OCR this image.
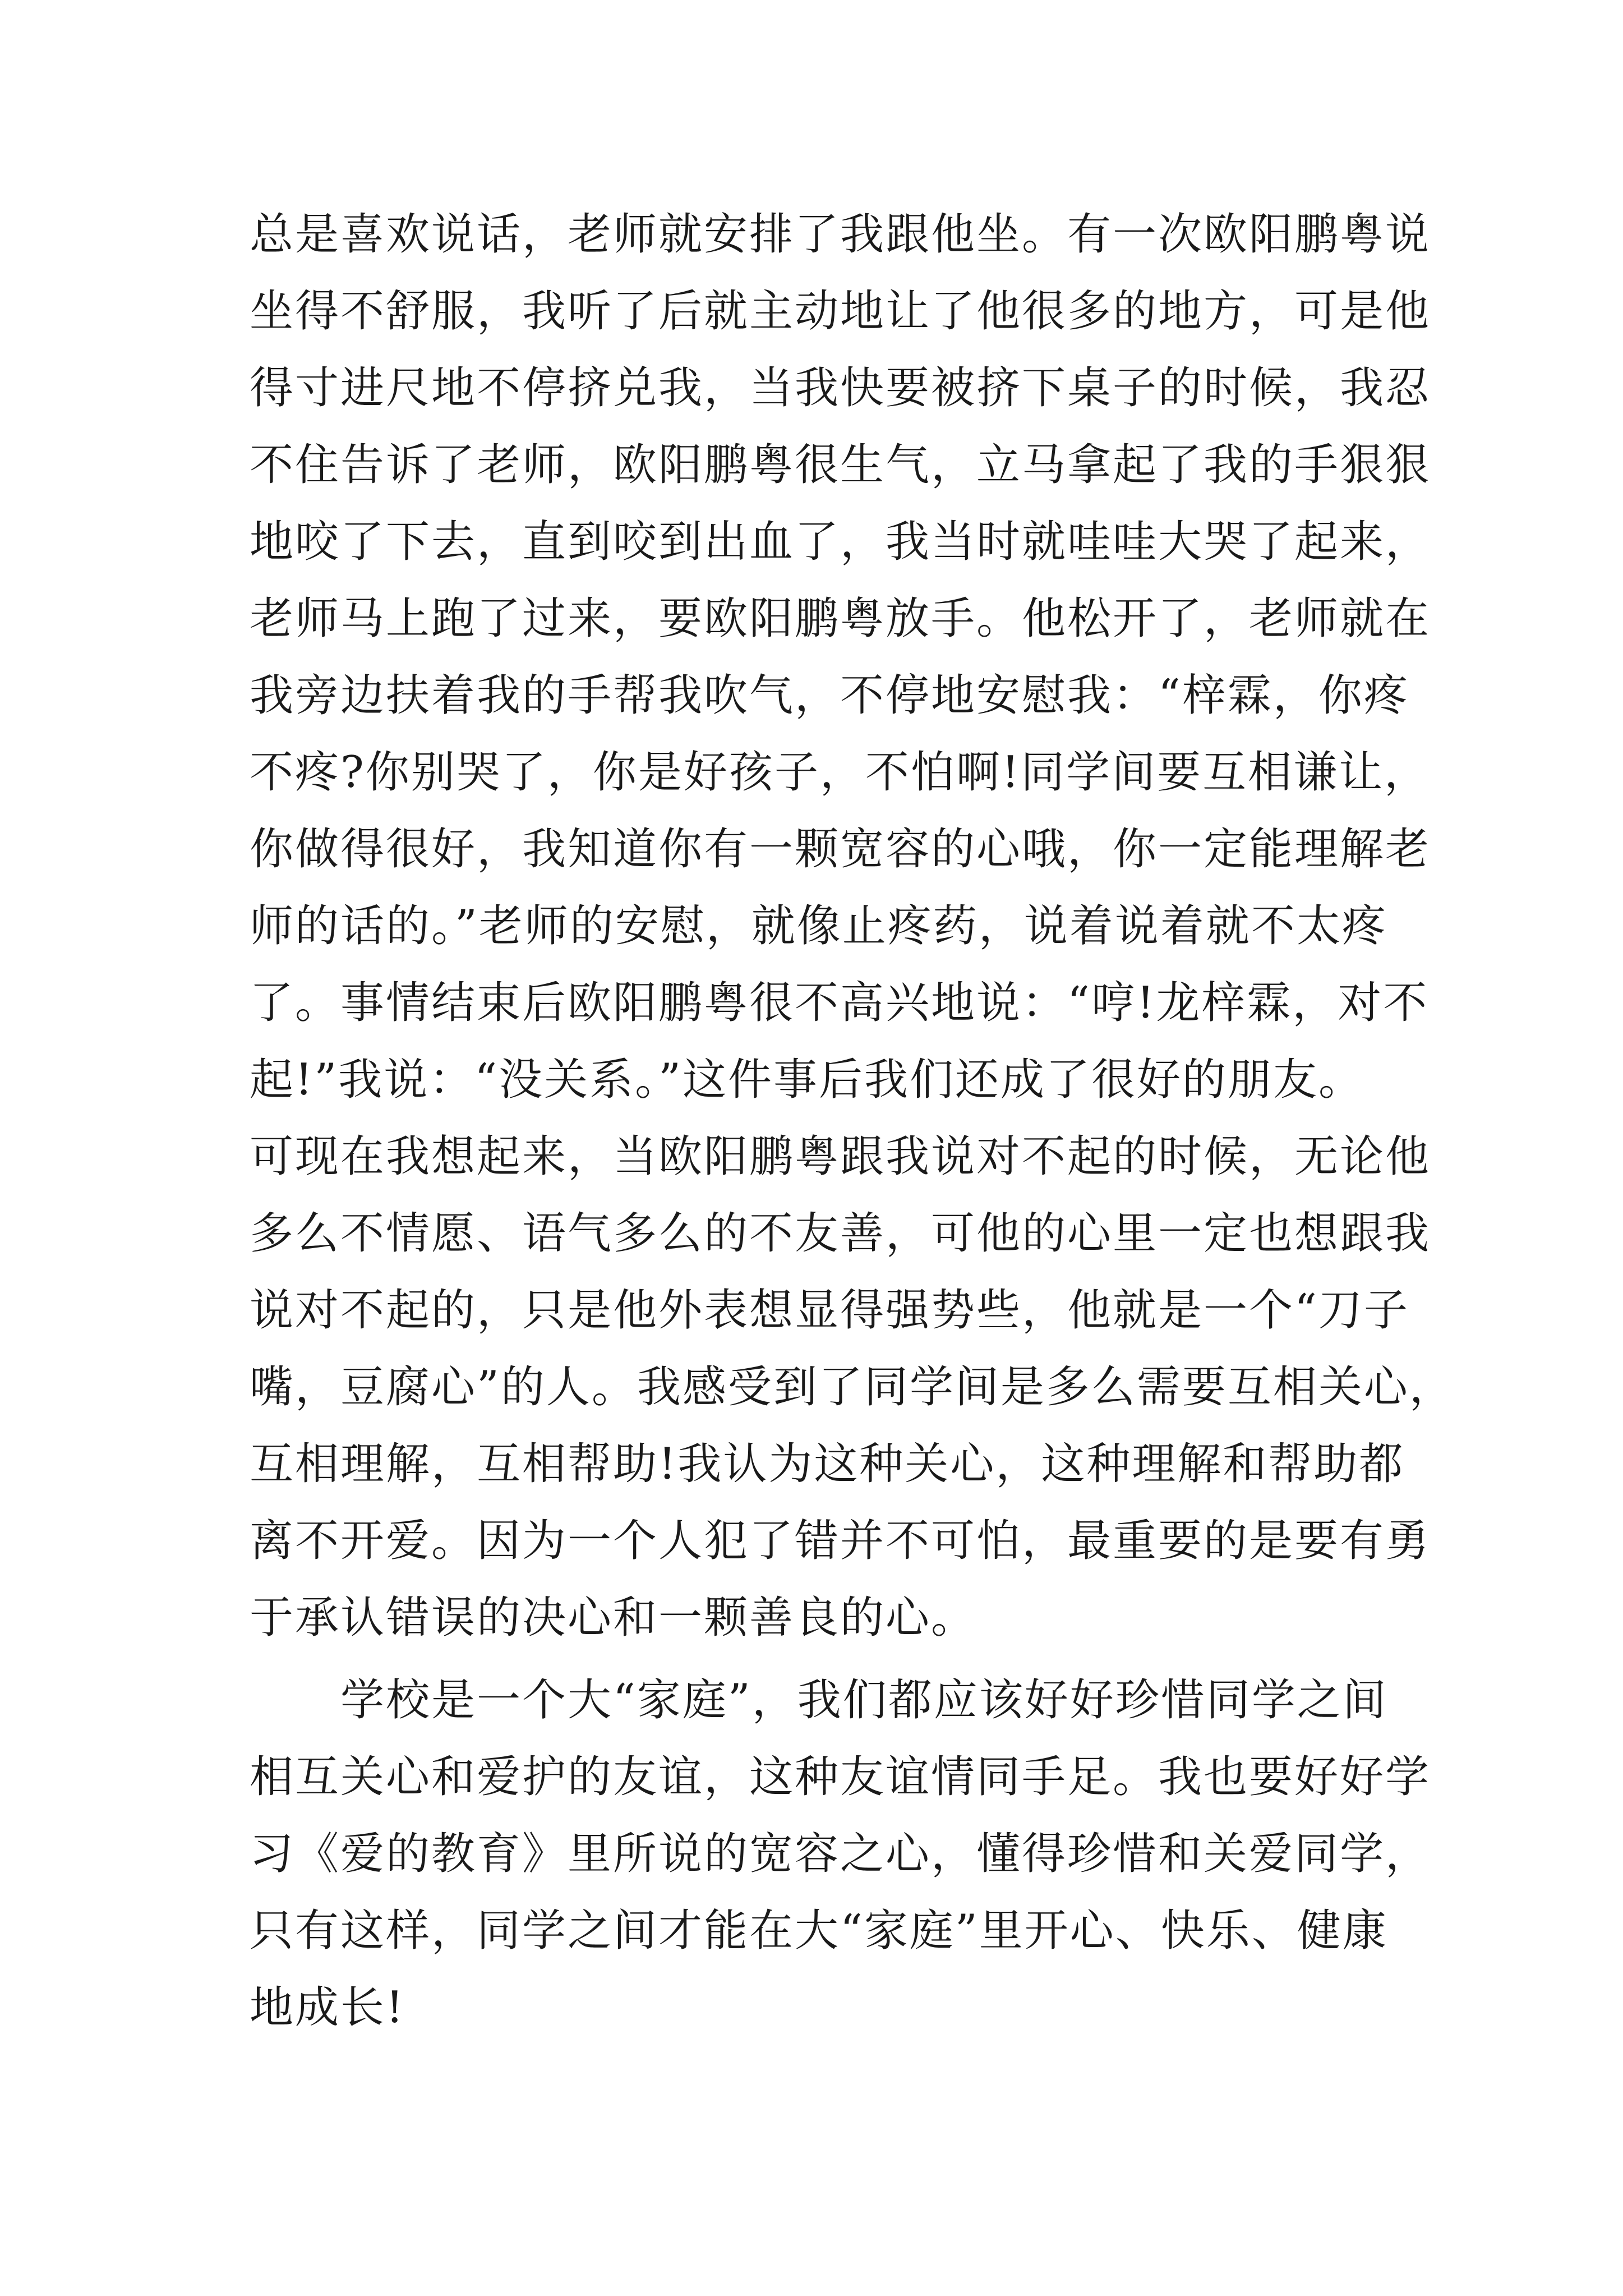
总是喜欢说话，老师就安排了我跟他坐。有一次欧阳鹏粤说
坐得不舒服，我听了后就主动地让了他很多的地方，可是他
得寸进尺地不停挤兑我，当我快要被挤下桌子的时候，我忍
不住告诉了老师，欧阳鹏粤很生气，立马拿起了我的手狠狠
地咬了下去，直到咬到出血了，我当时就哇哇大哭了起来，
老师马上跑了过来，要欧阳鹏粤放手。他松开了，老师就在
我旁边扶着我的手帮我吹气，不停地安慰我：“梓霖，你疼
不疼?你别哭了，你是好孩子，不怕啊!同学间要互相谦让，
你做得很好，我知道你有一颗宽容的心哦，你一定能理解老
师的话的。”老师的安慰，就像止疼药，说着说着就不太疼
了。事情结束后欧阳鹏粤很不高兴地说：“哼!龙梓霖，对不
起!”我说：“没关系。”这件事后我们还成了很好的朋友。
可现在我想起来，当欧阳鹏粤跟我说对不起的时候，无论他
多么不情愿、语气多么的不友善，可他的心里一定也想跟我
说对不起的，只是他外表想显得强势些，他就是一个“刀子
嘴，豆腐心”的人。我感受到了同学间是多么需要互相关心，
互相理解，互相帮助!我认为这种关心，这种理解和帮助都
离不开爱。因为一个人犯了错并不可怕，最重要的是要有勇
于承认错误的决心和一颗善良的心。
　　学校是一个大“家庭”，我们都应该好好珍惜同学之间
相互关心和爱护的友谊，这种友谊情同手足。我也要好好学
习《爱的教育》里所说的宽容之心，懂得珍惜和关爱同学，
只有这样，同学之间才能在大“家庭”里开心、快乐、健康
地成长!
